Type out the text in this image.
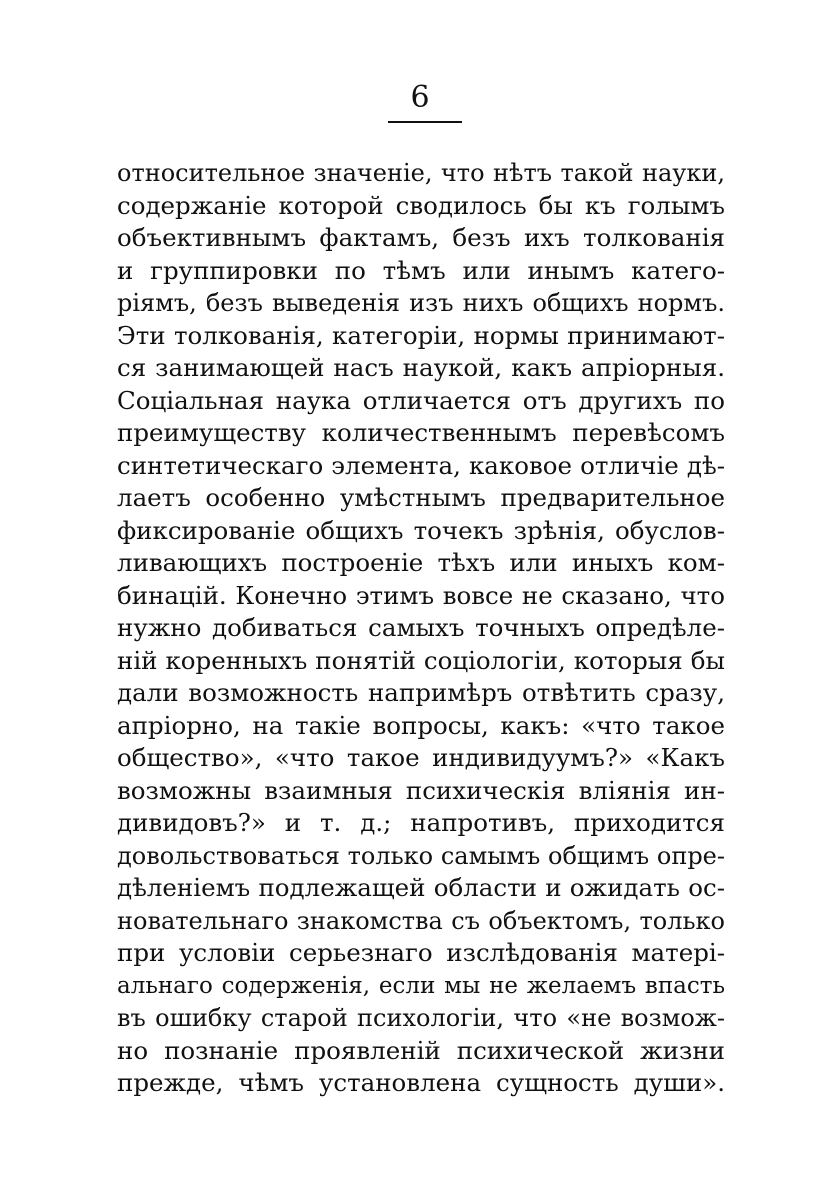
6
относительное значеніе, что нѣтъ такой науки,
содержаніе которой сводилось бы къ голымъ
объективнымъ фактамъ, безъ ихъ толкованія
и группировки по тѣмъ или инымъ катего-
ріямъ, безъ выведенія изъ нихъ общихъ нормъ.
Эти толкованія, категоріи, нормы принимают-
ся занимающей насъ наукой, какъ апріорныя.
Соціальная наука отличается отъ другихъ по
преимуществу количественнымъ перевѣсомъ
синтетическаго элемента, каковое отличіе дѣ-
лаетъ особенно умѣстнымъ предварительное
фиксированіе общихъ точекъ зрѣнія, обуслов-
ливающихъ построеніе тѣхъ или иныхъ ком-
бинацій. Конечно этимъ вовсе не сказано, что
нужно добиваться самыхъ точныхъ опредѣле-
ній коренныхъ понятій соціологіи, которыя бы
дали возможность напримѣръ отвѣтить сразу,
апріорно, на такіе вопросы, какъ: «что такое
общество», «что такое индивидуумъ?» «Какъ
возможны взаимныя психическія вліянія ин-
дивидовъ?» и т. д.; напротивъ, приходится
довольствоваться только самымъ общимъ опре-
дѣленіемъ подлежащей области и ожидать ос-
новательнаго знакомства съ объектомъ, только
при условіи серьезнаго изслѣдованія матері-
альнаго содерженія, если мы не желаемъ впасть
въ ошибку старой психологіи, что «не возмож-
но познаніе проявленій психической жизни
прежде, чѣмъ установлена сущность души».
